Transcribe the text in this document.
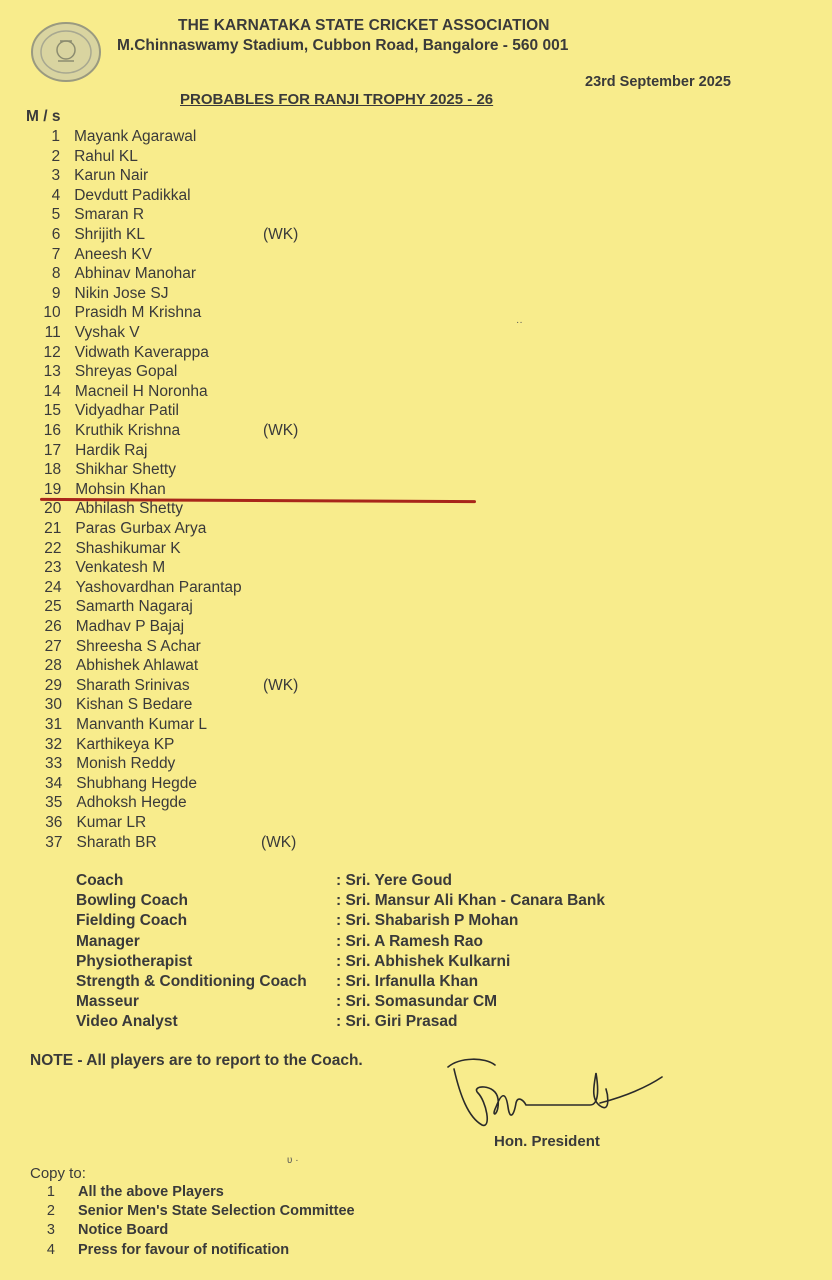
THE KARNATAKA STATE CRICKET ASSOCIATION
M.Chinnaswamy Stadium, Cubbon Road, Bangalore - 560 001
23rd September 2025
PROBABLES FOR RANJI TROPHY 2025 - 26
M / s
1 Mayank Agarawal
2 Rahul KL
3 Karun Nair
4 Devdutt Padikkal
5 Smaran R
6 Shrijith KL	(WK)
7 Aneesh KV
8 Abhinav Manohar
9 Nikin Jose SJ
10 Prasidh M Krishna
11 Vyshak V
12 Vidwath Kaverappa
13 Shreyas Gopal
14 Macneil H Noronha
15 Vidyadhar Patil
16 Kruthik Krishna	(WK)
17 Hardik Raj
18 Shikhar Shetty
19 Mohsin Khan
20 Abhilash Shetty
21 Paras Gurbax Arya
22 Shashikumar K
23 Venkatesh M
24 Yashovardhan Parantap
25 Samarth Nagaraj
26 Madhav P Bajaj
27 Shreesha S Achar
28 Abhishek Ahlawat
29 Sharath Srinivas	(WK)
30 Kishan S Bedare
31 Manvanth Kumar L
32 Karthikeya KP
33 Monish Reddy
34 Shubhang Hegde
35 Adhoksh Hegde
36 Kumar LR
37 Sharath BR	(WK)
Coach	: Sri. Yere Goud
Bowling Coach	: Sri. Mansur Ali Khan - Canara Bank
Fielding Coach	: Sri. Shabarish P Mohan
Manager	: Sri. A Ramesh Rao
Physiotherapist	: Sri. Abhishek Kulkarni
Strength & Conditioning Coach : Sri. Irfanulla Khan
Masseur	: Sri. Somasundar CM
Video Analyst	: Sri. Giri Prasad
NOTE - All players are to report to the Coach.
Hon. President
Copy to:
1 All the above Players
2 Senior Men's State Selection Committee
3 Notice Board
4 Press for favour of notification
··
ʋ ·
